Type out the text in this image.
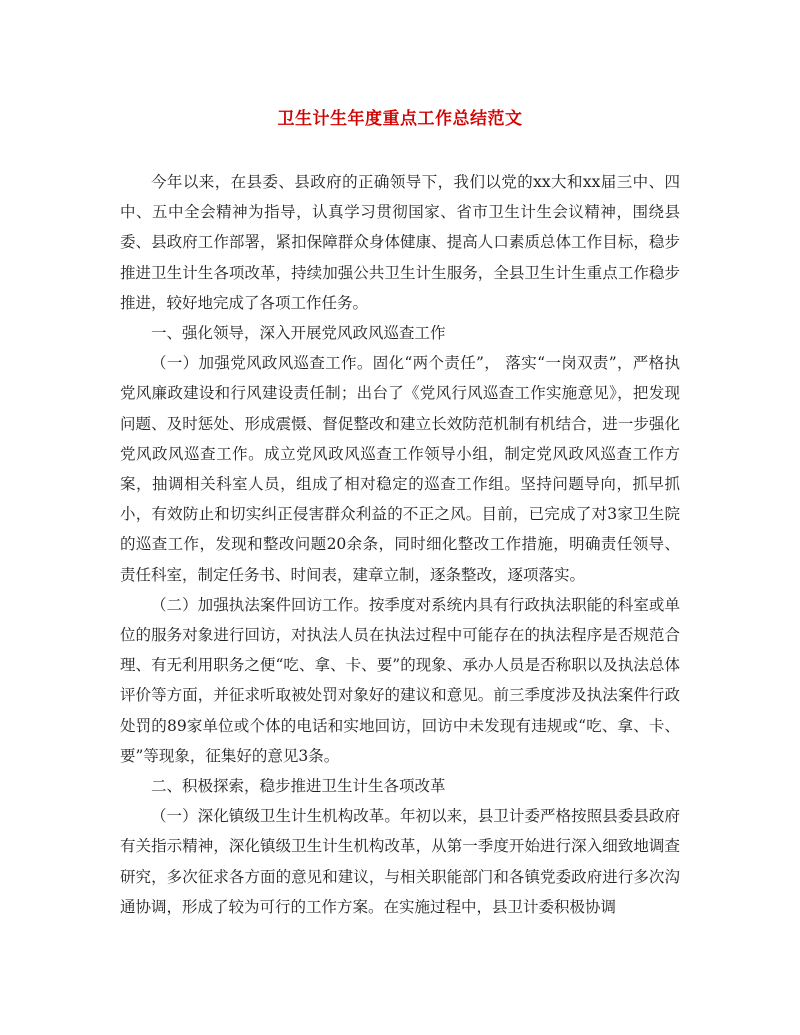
卫生计生年度重点工作总结范文

今年以来，在县委、县政府的正确领导下，我们以党的xx大和xx届三中、四中、五中全会精神为指导，认真学习贯彻国家、省市卫生计生会议精神，围绕县委、县政府工作部署，紧扣保障群众身体健康、提高人口素质总体工作目标，稳步推进卫生计生各项改革，持续加强公共卫生计生服务，全县卫生计生重点工作稳步推进，较好地完成了各项工作任务。

一、强化领导，深入开展党风政风巡查工作

（一）加强党风政风巡查工作。固化“两个责任”， 落实“一岗双责”，严格执党风廉政建设和行风建设责任制；出台了《党风行风巡查工作实施意见》，把发现问题、及时惩处、形成震慑、督促整改和建立长效防范机制有机结合，进一步强化党风政风巡查工作。成立党风政风巡查工作领导小组，制定党风政风巡查工作方案，抽调相关科室人员，组成了相对稳定的巡查工作组。坚持问题导向，抓早抓小，有效防止和切实纠正侵害群众利益的不正之风。目前，已完成了对3家卫生院的巡查工作，发现和整改问题20余条，同时细化整改工作措施，明确责任领导、责任科室，制定任务书、时间表，建章立制，逐条整改，逐项落实。

（二）加强执法案件回访工作。按季度对系统内具有行政执法职能的科室或单位的服务对象进行回访，对执法人员在执法过程中可能存在的执法程序是否规范合理、有无利用职务之便“吃、拿、卡、要”的现象、承办人员是否称职以及执法总体评价等方面，并征求听取被处罚对象好的建议和意见。前三季度涉及执法案件行政处罚的89家单位或个体的电话和实地回访，回访中未发现有违规或“吃、拿、卡、要”等现象，征集好的意见3条。

二、积极探索，稳步推进卫生计生各项改革

（一）深化镇级卫生计生机构改革。年初以来，县卫计委严格按照县委县政府有关指示精神，深化镇级卫生计生机构改革，从第一季度开始进行深入细致地调查研究，多次征求各方面的意见和建议，与相关职能部门和各镇党委政府进行多次沟通协调，形成了较为可行的工作方案。在实施过程中，县卫计委积极协调
